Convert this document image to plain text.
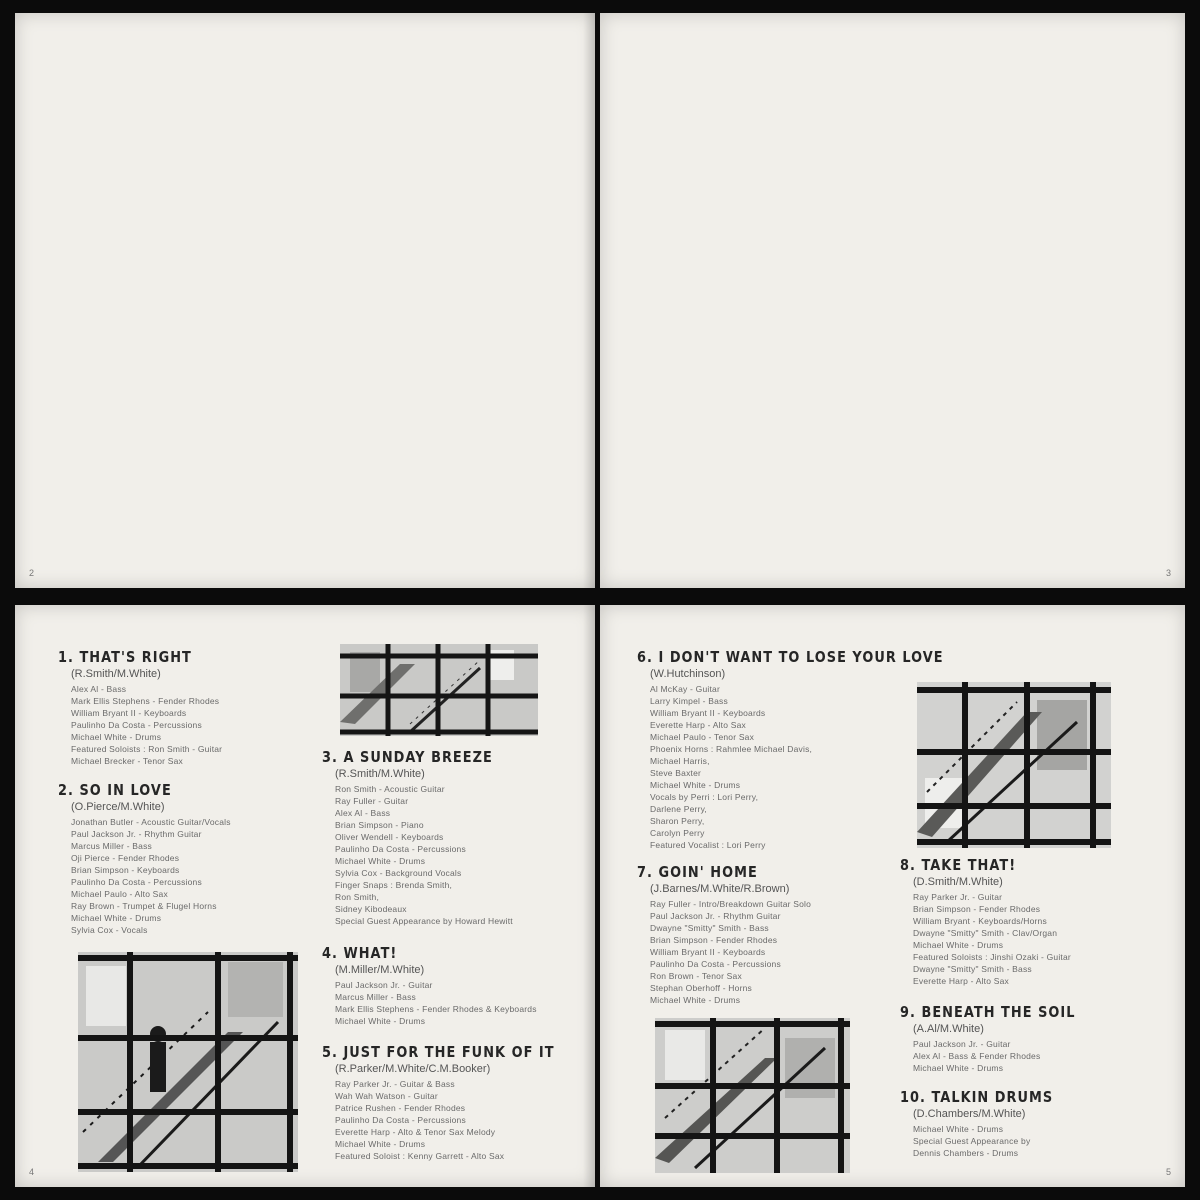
2	3
4	5
1. THAT'S RIGHT
(R.Smith/M.White)
Alex Al - Bass
Mark Ellis Stephens - Fender Rhodes
William Bryant II - Keyboards
Paulinho Da Costa - Percussions
Michael White - Drums
Featured Soloists : Ron Smith - Guitar
Michael Brecker - Tenor Sax
2. SO IN LOVE
(O.Pierce/M.White)
Jonathan Butler - Acoustic Guitar/Vocals
Paul Jackson Jr. - Rhythm Guitar
Marcus Miller - Bass
Oji Pierce - Fender Rhodes
Brian Simpson - Keyboards
Paulinho Da Costa - Percussions
Michael Paulo - Alto Sax
Ray Brown - Trumpet & Flugel Horns
Michael White - Drums
Sylvia Cox - Vocals
3. A SUNDAY BREEZE
(R.Smith/M.White)
Ron Smith - Acoustic Guitar
Ray Fuller - Guitar
Alex Al - Bass
Brian Simpson - Piano
Oliver Wendell - Keyboards
Paulinho Da Costa - Percussions
Michael White - Drums
Sylvia Cox - Background Vocals
Finger Snaps : Brenda Smith,
Ron Smith,
Sidney Kibodeaux
Special Guest Appearance by Howard Hewitt
4. WHAT!
(M.Miller/M.White)
Paul Jackson Jr. - Guitar
Marcus Miller - Bass
Mark Ellis Stephens - Fender Rhodes & Keyboards
Michael White - Drums
5. JUST FOR THE FUNK OF IT
(R.Parker/M.White/C.M.Booker)
Ray Parker Jr. - Guitar & Bass
Wah Wah Watson - Guitar
Patrice Rushen - Fender Rhodes
Paulinho Da Costa - Percussions
Everette Harp - Alto & Tenor Sax Melody
Michael White - Drums
Featured Soloist : Kenny Garrett - Alto Sax
6. I DON'T WANT TO LOSE YOUR LOVE
(W.Hutchinson)
Al McKay - Guitar
Larry Kimpel - Bass
William Bryant II - Keyboards
Everette Harp - Alto Sax
Michael Paulo - Tenor Sax
Phoenix Horns : Rahmlee Michael Davis,
Michael Harris,
Steve Baxter
Michael White - Drums
Vocals by Perri : Lori Perry,
Darlene Perry,
Sharon Perry,
Carolyn Perry
Featured Vocalist : Lori Perry
7. GOIN' HOME
(J.Barnes/M.White/R.Brown)
Ray Fuller - Intro/Breakdown Guitar Solo
Paul Jackson Jr. - Rhythm Guitar
Dwayne "Smitty" Smith - Bass
Brian Simpson - Fender Rhodes
William Bryant II - Keyboards
Paulinho Da Costa - Percussions
Ron Brown - Tenor Sax
Stephan Oberhoff - Horns
Michael White - Drums
8. TAKE THAT!
(D.Smith/M.White)
Ray Parker Jr. - Guitar
Brian Simpson - Fender Rhodes
William Bryant - Keyboards/Horns
Dwayne "Smitty" Smith - Clav/Organ
Michael White - Drums
Featured Soloists : Jinshi Ozaki - Guitar
Dwayne "Smitty" Smith - Bass
Everette Harp - Alto Sax
9. BENEATH THE SOIL
(A.Al/M.White)
Paul Jackson Jr. - Guitar
Alex Al - Bass & Fender Rhodes
Michael White - Drums
10. TALKIN DRUMS
(D.Chambers/M.White)
Michael White - Drums
Special Guest Appearance by
Dennis Chambers - Drums
